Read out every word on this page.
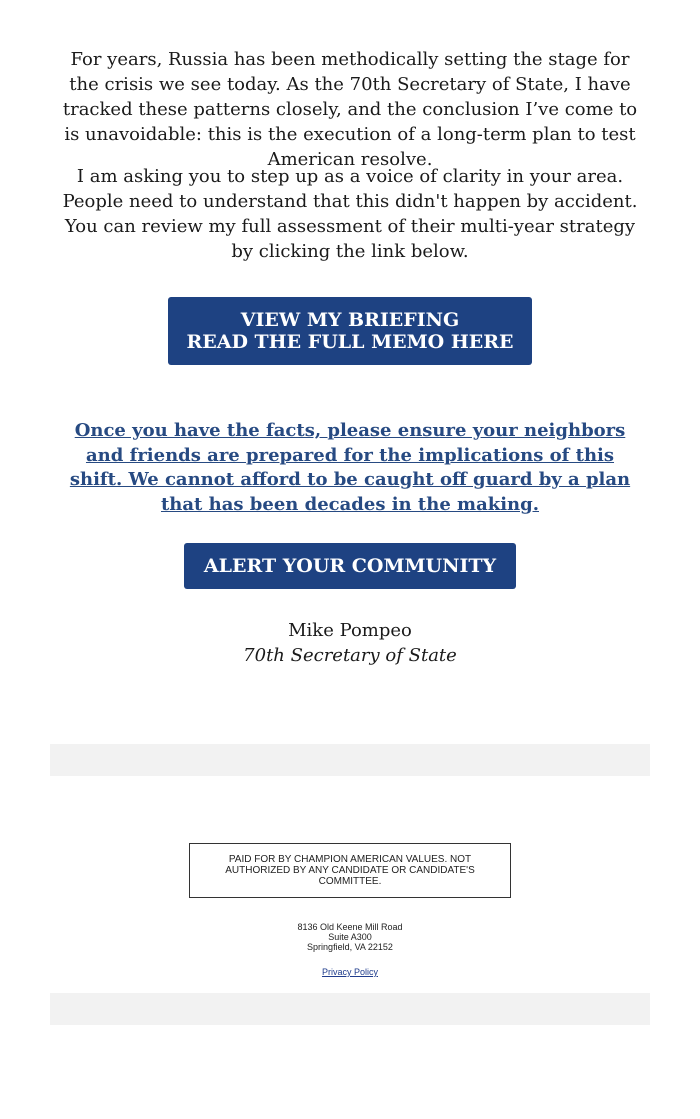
For years, Russia has been methodically setting the stage for the crisis we see today. As the 70th Secretary of State, I have tracked these patterns closely, and the conclusion I’ve come to is unavoidable: this is the execution of a long-term plan to test American resolve.

I am asking you to step up as a voice of clarity in your area.
People need to understand that this didn't happen by accident. You can review my full assessment of their multi-year strategy by clicking the link below.
VIEW MY BRIEFING
READ THE FULL MEMO HERE
Once you have the facts, please ensure your neighbors and friends are prepared for the implications of this shift. We cannot afford to be caught off guard by a plan that has been decades in the making.
ALERT YOUR COMMUNITY
Mike Pompeo
70th Secretary of State
PAID FOR BY CHAMPION AMERICAN VALUES. NOT AUTHORIZED BY ANY CANDIDATE OR CANDIDATE'S COMMITTEE.
8136 Old Keene Mill Road
Suite A300
Springfield, VA 22152
Privacy Policy
